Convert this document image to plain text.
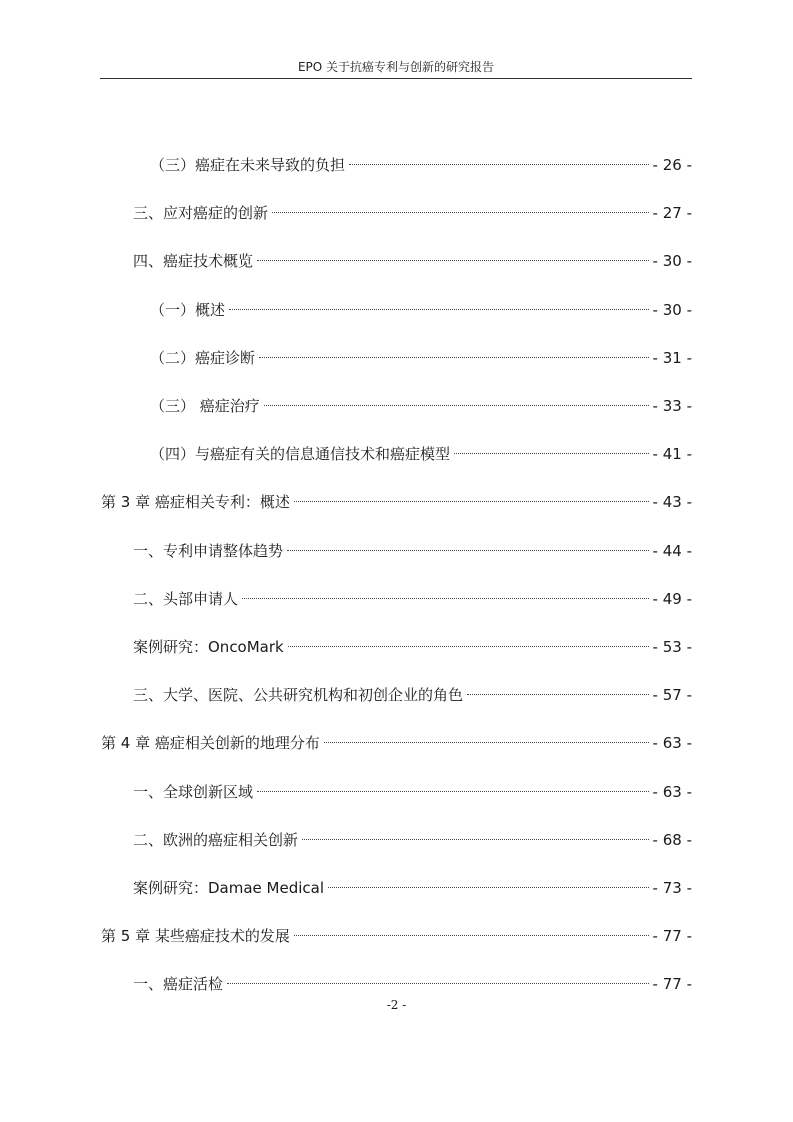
EPO 关于抗癌专利与创新的研究报告
（三）癌症在未来导致的负担	- 26 -
三、应对癌症的创新	- 27 -
四、癌症技术概览	- 30 -
（一）概述	- 30 -
（二）癌症诊断	- 31 -
（三） 癌症治疗	- 33 -
（四）与癌症有关的信息通信技术和癌症模型	- 41 -
第 3 章 癌症相关专利：概述	- 43 -
一、专利申请整体趋势	- 44 -
二、头部申请人	- 49 -
案例研究：OncoMark	- 53 -
三、大学、医院、公共研究机构和初创企业的角色	- 57 -
第 4 章 癌症相关创新的地理分布	- 63 -
一、全球创新区域	- 63 -
二、欧洲的癌症相关创新	- 68 -
案例研究：Damae Medical	- 73 -
第 5 章 某些癌症技术的发展	- 77 -
一、癌症活检	- 77 -
-2 -
